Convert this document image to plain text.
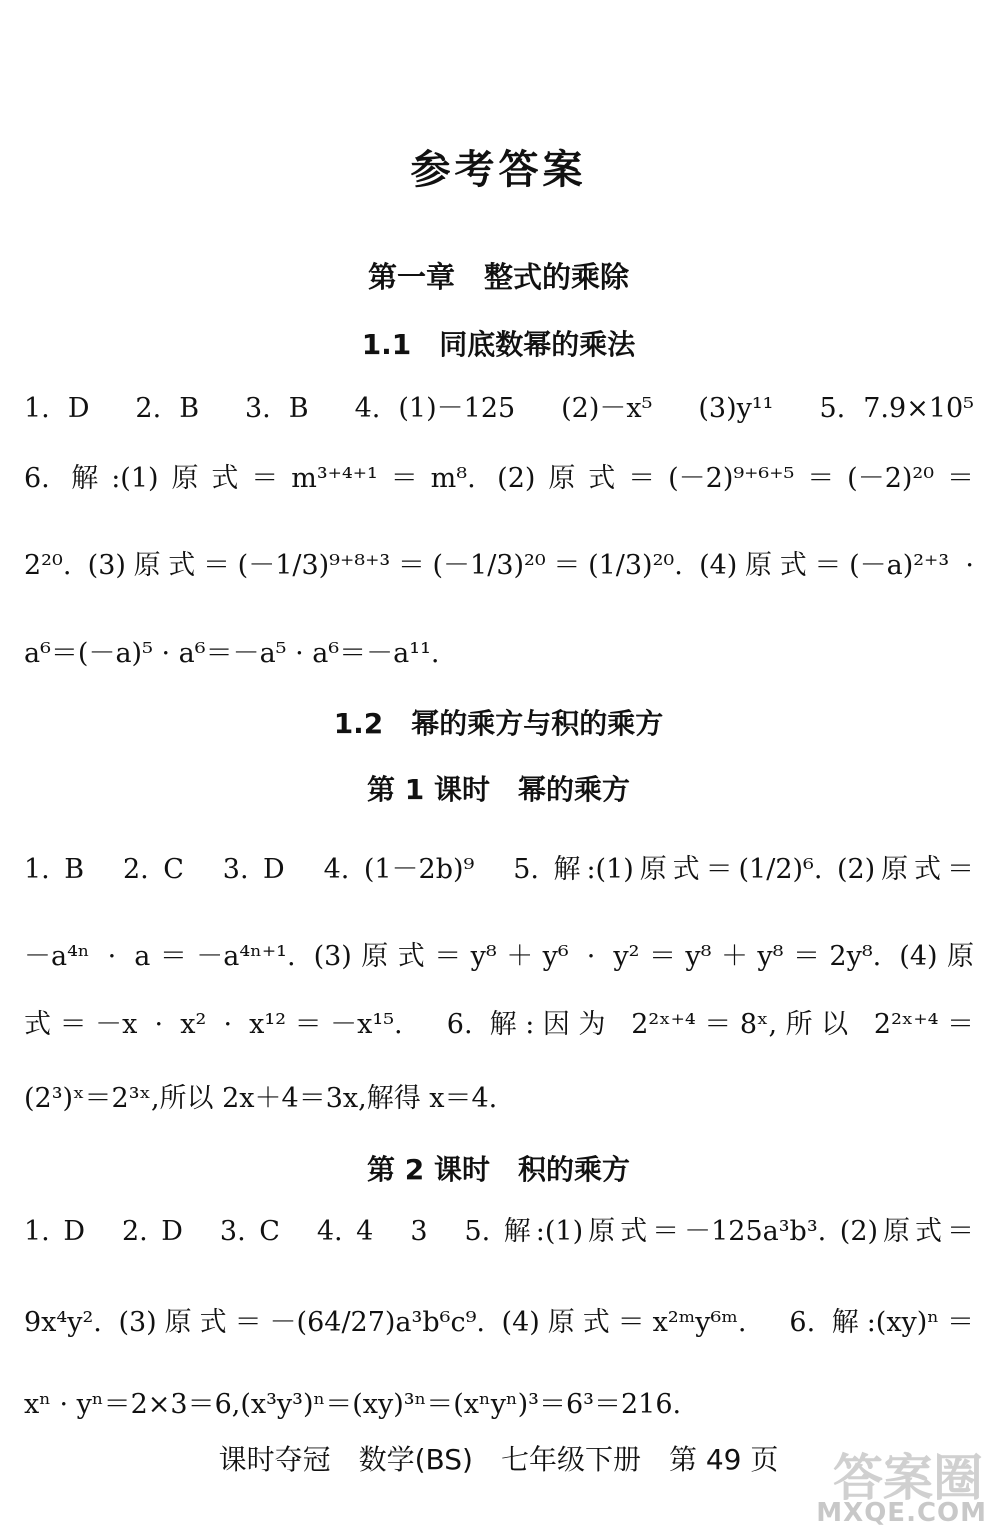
参考答案
第一章　整式的乘除
1.1　同底数幂的乘法
1. D　2. B　3. B　4. (1)－125　(2)－x⁵　(3)y¹¹　5. 7.9×10⁵
6. 解:(1)原式＝m³⁺⁴⁺¹＝m⁸. (2)原式＝(－2)⁹⁺⁶⁺⁵＝(－2)²⁰＝
2²⁰. (3)原式＝(－1/3)⁹⁺⁸⁺³＝(－1/3)²⁰＝(1/3)²⁰. (4)原式＝(－a)²⁺³ ·
a⁶＝(－a)⁵ · a⁶＝－a⁵ · a⁶＝－a¹¹.
1.2　幂的乘方与积的乘方
第 1 课时　幂的乘方
1. B　2. C　3. D　4. (1－2b)⁹　5. 解:(1)原式＝(1/2)⁶. (2)原式＝
－a⁴ⁿ · a＝－a⁴ⁿ⁺¹. (3)原式＝y⁸＋y⁶ · y²＝y⁸＋y⁸＝2y⁸. (4)原
式＝－x · x² · x¹²＝－x¹⁵.　6. 解:因为 2²ˣ⁺⁴＝8ˣ,所以 2²ˣ⁺⁴＝
(2³)ˣ＝2³ˣ,所以 2x＋4＝3x,解得 x＝4.
第 2 课时　积的乘方
1. D　2. D　3. C　4. 4　3　5. 解:(1)原式＝－125a³b³. (2)原式＝
9x⁴y². (3)原式＝－(64/27)a³b⁶c⁹. (4)原式＝x²ᵐy⁶ᵐ.　6. 解:(xy)ⁿ＝
xⁿ · yⁿ＝2×3＝6,(x³y³)ⁿ＝(xy)³ⁿ＝(xⁿyⁿ)³＝6³＝216.
课时夺冠　数学(BS)　七年级下册　第 49 页	答案圈
MXQE.COM
